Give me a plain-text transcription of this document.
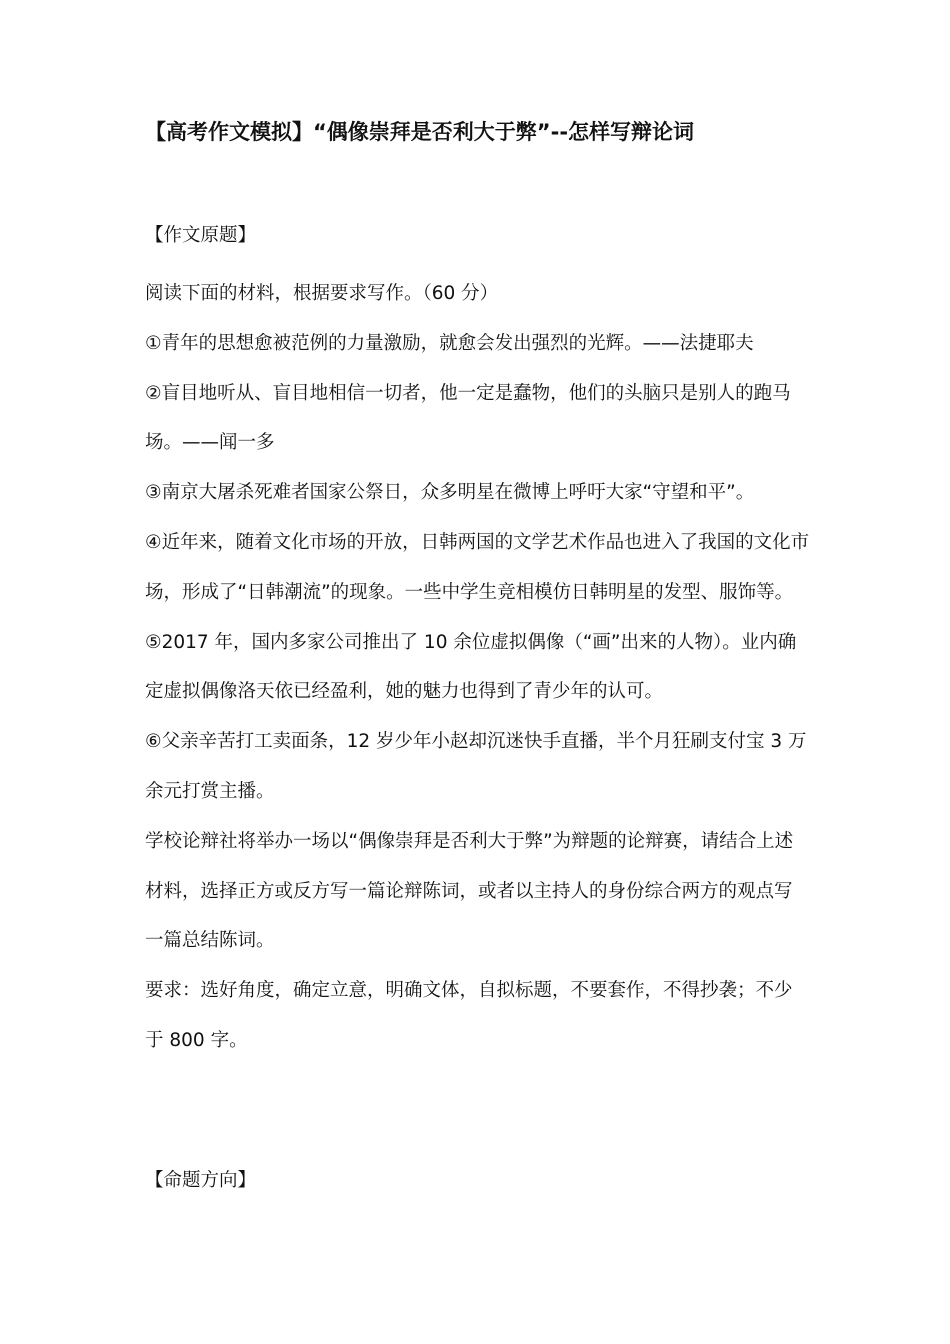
【高考作文模拟】“偶像崇拜是否利大于弊”--怎样写辩论词
【作文原题】

阅读下面的材料，根据要求写作。（60 分）

①青年的思想愈被范例的力量激励，就愈会发出强烈的光辉。——法捷耶夫

②盲目地听从、盲目地相信一切者，他一定是蠢物，他们的头脑只是别人的跑马场。——闻一多

③南京大屠杀死难者国家公祭日，众多明星在微博上呼吁大家“守望和平”。

④近年来，随着文化市场的开放，日韩两国的文学艺术作品也进入了我国的文化市场，形成了“日韩潮流”的现象。一些中学生竞相模仿日韩明星的发型、服饰等。

⑤2017 年，国内多家公司推出了 10 余位虚拟偶像（“画”出来的人物）。业内确定虚拟偶像洛天依已经盈利，她的魅力也得到了青少年的认可。

⑥父亲辛苦打工卖面条，12 岁少年小赵却沉迷快手直播，半个月狂刷支付宝 3 万余元打赏主播。

学校论辩社将举办一场以“偶像崇拜是否利大于弊”为辩题的论辩赛，请结合上述材料，选择正方或反方写一篇论辩陈词，或者以主持人的身份综合两方的观点写一篇总结陈词。

要求：选好角度，确定立意，明确文体，自拟标题，不要套作，不得抄袭；不少于 800 字。

【命题方向】
